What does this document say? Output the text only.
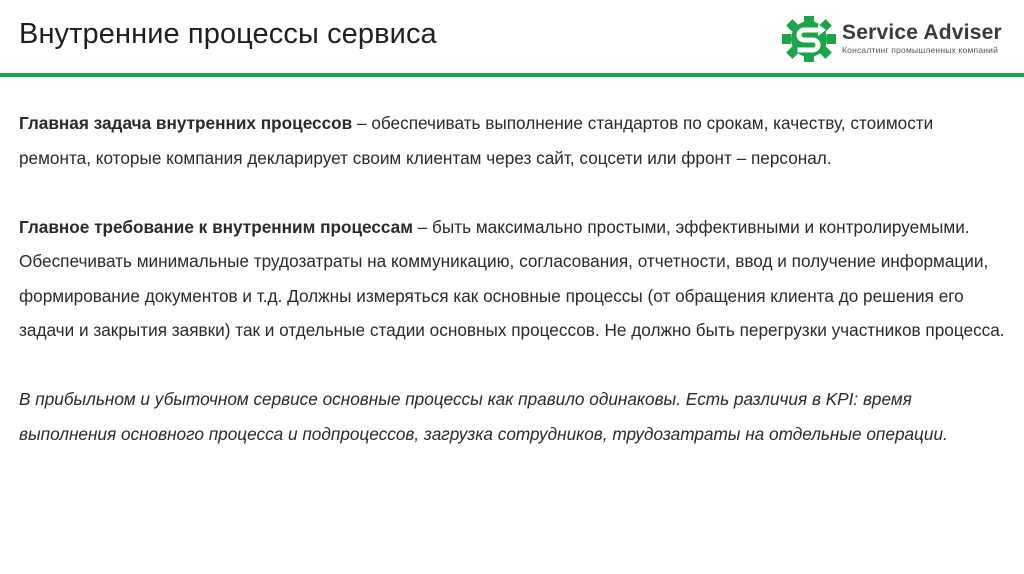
Внутренние процессы сервиса	Service Adviser
Консалтинг промышленных компаний

Главная задача внутренних процессов – обеспечивать выполнение стандартов по срокам, качеству, стоимости ремонта, которые компания декларирует своим клиентам через сайт, соцсети или фронт – персонал.

Главное требование к внутренним процессам – быть максимально простыми, эффективными и контролируемыми. Обеспечивать минимальные трудозатраты на коммуникацию, согласования, отчетности, ввод и получение информации, формирование документов и т.д. Должны измеряться как основные процессы (от обращения клиента до решения его задачи и закрытия заявки) так и отдельные стадии основных процессов. Не должно быть перегрузки участников процесса.

В прибыльном и убыточном сервисе основные процессы как правило одинаковы. Есть различия в KPI: время выполнения основного процесса и подпроцессов, загрузка сотрудников, трудозатраты на отдельные операции.
